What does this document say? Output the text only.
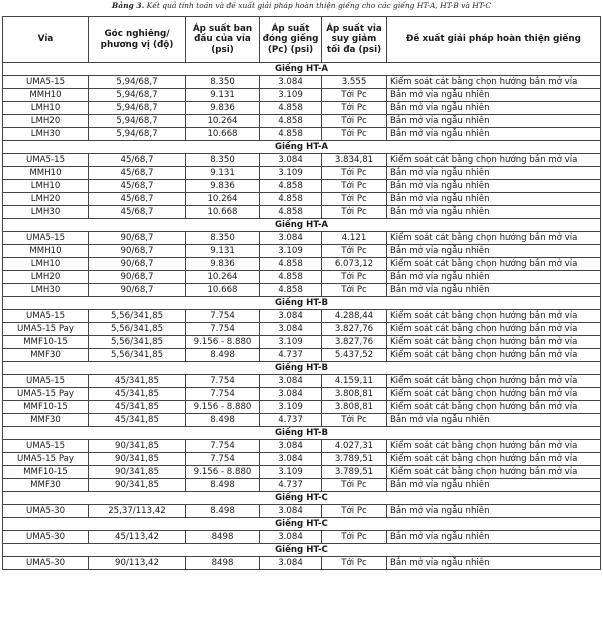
Bảng 3. Kết quả tính toán và đề xuất giải pháp hoàn thiện giếng cho các giếng HT-A, HT-B và HT-C
Vỉa	Góc nghiêng/ phương vị (độ)	Áp suất ban đầu của vỉa (psi)	Áp suất đóng giếng (Pc) (psi)	Áp suất vỉa suy giảm tối đa (psi)	Đề xuất giải pháp hoàn thiện giếng
Giếng HT-A					
UMA5-15	5,94/68,7	8.350	3.084	3.555	Kiểm soát cát bằng chọn hướng bắn mở vỉa
MMH10	5,94/68,7	9.131	3.109	Tới Pc	Bắn mở vỉa ngẫu nhiên
LMH10	5,94/68,7	9.836	4.858	Tới Pc	Bắn mở vỉa ngẫu nhiên
LMH20	5,94/68,7	10.264	4.858	Tới Pc	Bắn mở vỉa ngẫu nhiên
LMH30	5,94/68,7	10.668	4.858	Tới Pc	Bắn mở vỉa ngẫu nhiên
Giếng HT-A					
UMA5-15	45/68,7	8.350	3.084	3.834,81	Kiểm soát cát bằng chọn hướng bắn mở vỉa
MMH10	45/68,7	9.131	3.109	Tới Pc	Bắn mở vỉa ngẫu nhiên
LMH10	45/68,7	9.836	4.858	Tới Pc	Bắn mở vỉa ngẫu nhiên
LMH20	45/68,7	10.264	4.858	Tới Pc	Bắn mở vỉa ngẫu nhiên
LMH30	45/68,7	10.668	4.858	Tới Pc	Bắn mở vỉa ngẫu nhiên
Giếng HT-A					
UMA5-15	90/68,7	8.350	3.084	4.121	Kiểm soát cát bằng chọn hướng bắn mở vỉa
MMH10	90/68,7	9.131	3.109	Tới Pc	Bắn mở vỉa ngẫu nhiên
LMH10	90/68,7	9.836	4.858	6.073,12	Kiểm soát cát bằng chọn hướng bắn mở vỉa
LMH20	90/68,7	10.264	4.858	Tới Pc	Bắn mở vỉa ngẫu nhiên
LMH30	90/68,7	10.668	4.858	Tới Pc	Bắn mở vỉa ngẫu nhiên
Giếng HT-B					
UMA5-15	5,56/341,85	7.754	3.084	4.288,44	Kiểm soát cát bằng chọn hướng bắn mở vỉa
UMA5-15 Pay	5,56/341,85	7.754	3.084	3.827,76	Kiểm soát cát bằng chọn hướng bắn mở vỉa
MMF10-15	5,56/341,85	9.156 - 8.880	3.109	3.827,76	Kiểm soát cát bằng chọn hướng bắn mở vỉa
MMF30	5,56/341,85	8.498	4.737	5.437,52	Kiểm soát cát bằng chọn hướng bắn mở vỉa
Giếng HT-B					
UMA5-15	45/341,85	7.754	3.084	4.159,11	Kiểm soát cát bằng chọn hướng bắn mở vỉa
UMA5-15 Pay	45/341,85	7.754	3.084	3.808,81	Kiểm soát cát bằng chọn hướng bắn mở vỉa
MMF10-15	45/341,85	9.156 - 8.880	3.109	3.808,81	Kiểm soát cát bằng chọn hướng bắn mở vỉa
MMF30	45/341,85	8.498	4.737	Tới Pc	Bắn mở vỉa ngẫu nhiên
Giếng HT-B					
UMA5-15	90/341,85	7.754	3.084	4.027,31	Kiểm soát cát bằng chọn hướng bắn mở vỉa
UMA5-15 Pay	90/341,85	7.754	3.084	3.789,51	Kiểm soát cát bằng chọn hướng bắn mở vỉa
MMF10-15	90/341,85	9.156 - 8.880	3.109	3.789,51	Kiểm soát cát bằng chọn hướng bắn mở vỉa
MMF30	90/341,85	8.498	4.737	Tới Pc	Bắn mở vỉa ngẫu nhiên
Giếng HT-C					
UMA5-30	25,37/113,42	8.498	3.084	Tới Pc	Bắn mở vỉa ngẫu nhiên
Giếng HT-C					
UMA5-30	45/113,42	8498	3.084	Tới Pc	Bắn mở vỉa ngẫu nhiên
Giếng HT-C					
UMA5-30	90/113,42	8498	3.084	Tới Pc	Bắn mở vỉa ngẫu nhiên
